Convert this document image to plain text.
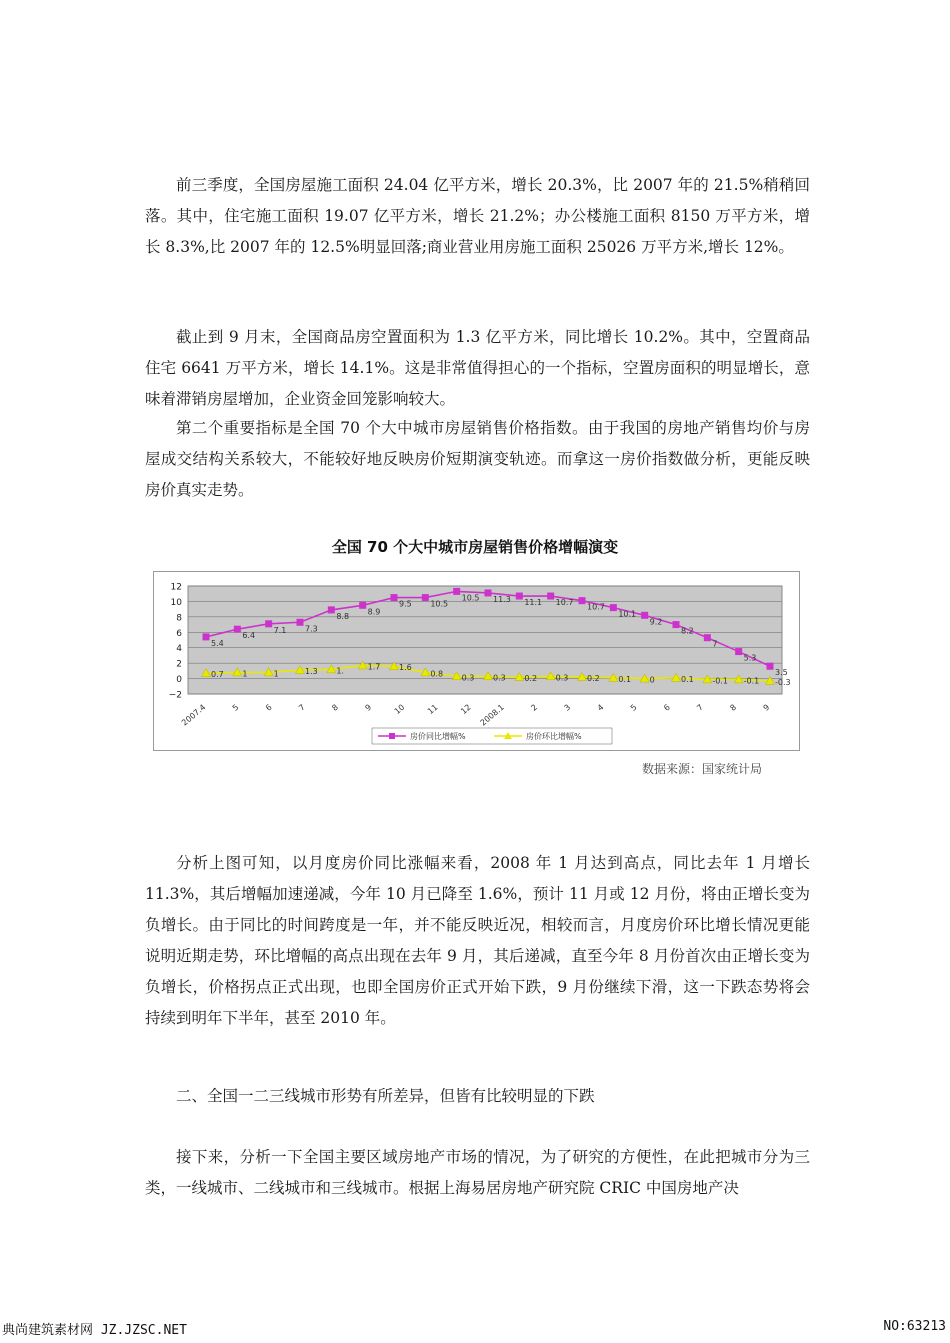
前三季度，全国房屋施工面积 24.04 亿平方米，增长 20.3%，比 2007 年的 21.5%稍稍回落。其中，住宅施工面积 19.07 亿平方米，增长 21.2%；办公楼施工面积 8150 万平方米，增长 8.3%,比 2007 年的 12.5%明显回落;商业营业用房施工面积 25026 万平方米,增长 12%。

截止到 9 月末，全国商品房空置面积为 1.3 亿平方米，同比增长 10.2%。其中，空置商品住宅 6641 万平方米，增长 14.1%。这是非常值得担心的一个指标，空置房面积的明显增长，意味着滞销房屋增加，企业资金回笼影响较大。

第二个重要指标是全国 70 个大中城市房屋销售价格指数。由于我国的房地产销售均价与房屋成交结构关系较大，不能较好地反映房价短期演变轨迹。而拿这一房价指数做分析，更能反映房价真实走势。

全国 70 个大中城市房屋销售价格增幅演变
−2
0
2
4
6
8
10
12
2007.4	5	6	7	8	9 10 11 12 2008.1	2	3	4	5	6	7	8	9
5.4
6.4
7.1 7.3
8.8
8.9
9.5 10.5
10.5 11.3 11.1 10.7
10.7
10.1
9.2
8.2
7
5.3
3.5
0.7 1	1	1.3 1.	1.7 1.6
0.8 0.3 0.3 0.2 0.3 0.2 0.1 0	0.1 -0.1 -0.1 -0.3
房价同比增幅%	房价环比增幅%
数据来源：国家统计局

分析上图可知，以月度房价同比涨幅来看，2008 年 1 月达到高点，同比去年 1 月增长 11.3%，其后增幅加速递减，今年 10 月已降至 1.6%，预计 11 月或 12 月份，将由正增长变为负增长。由于同比的时间跨度是一年，并不能反映近况，相较而言，月度房价环比增长情况更能说明近期走势，环比增幅的高点出现在去年 9 月，其后递减，直至今年 8 月份首次由正增长变为负增长，价格拐点正式出现，也即全国房价正式开始下跌，9 月份继续下滑，这一下跌态势将会持续到明年下半年，甚至 2010 年。

二、全国一二三线城市形势有所差异，但皆有比较明显的下跌

接下来，分析一下全国主要区域房地产市场的情况，为了研究的方便性，在此把城市分为三类，一线城市、二线城市和三线城市。根据上海易居房地产研究院 CRIC 中国房地产决

典尚建筑素材网 JZ.JZSC.NET	NO:63213
